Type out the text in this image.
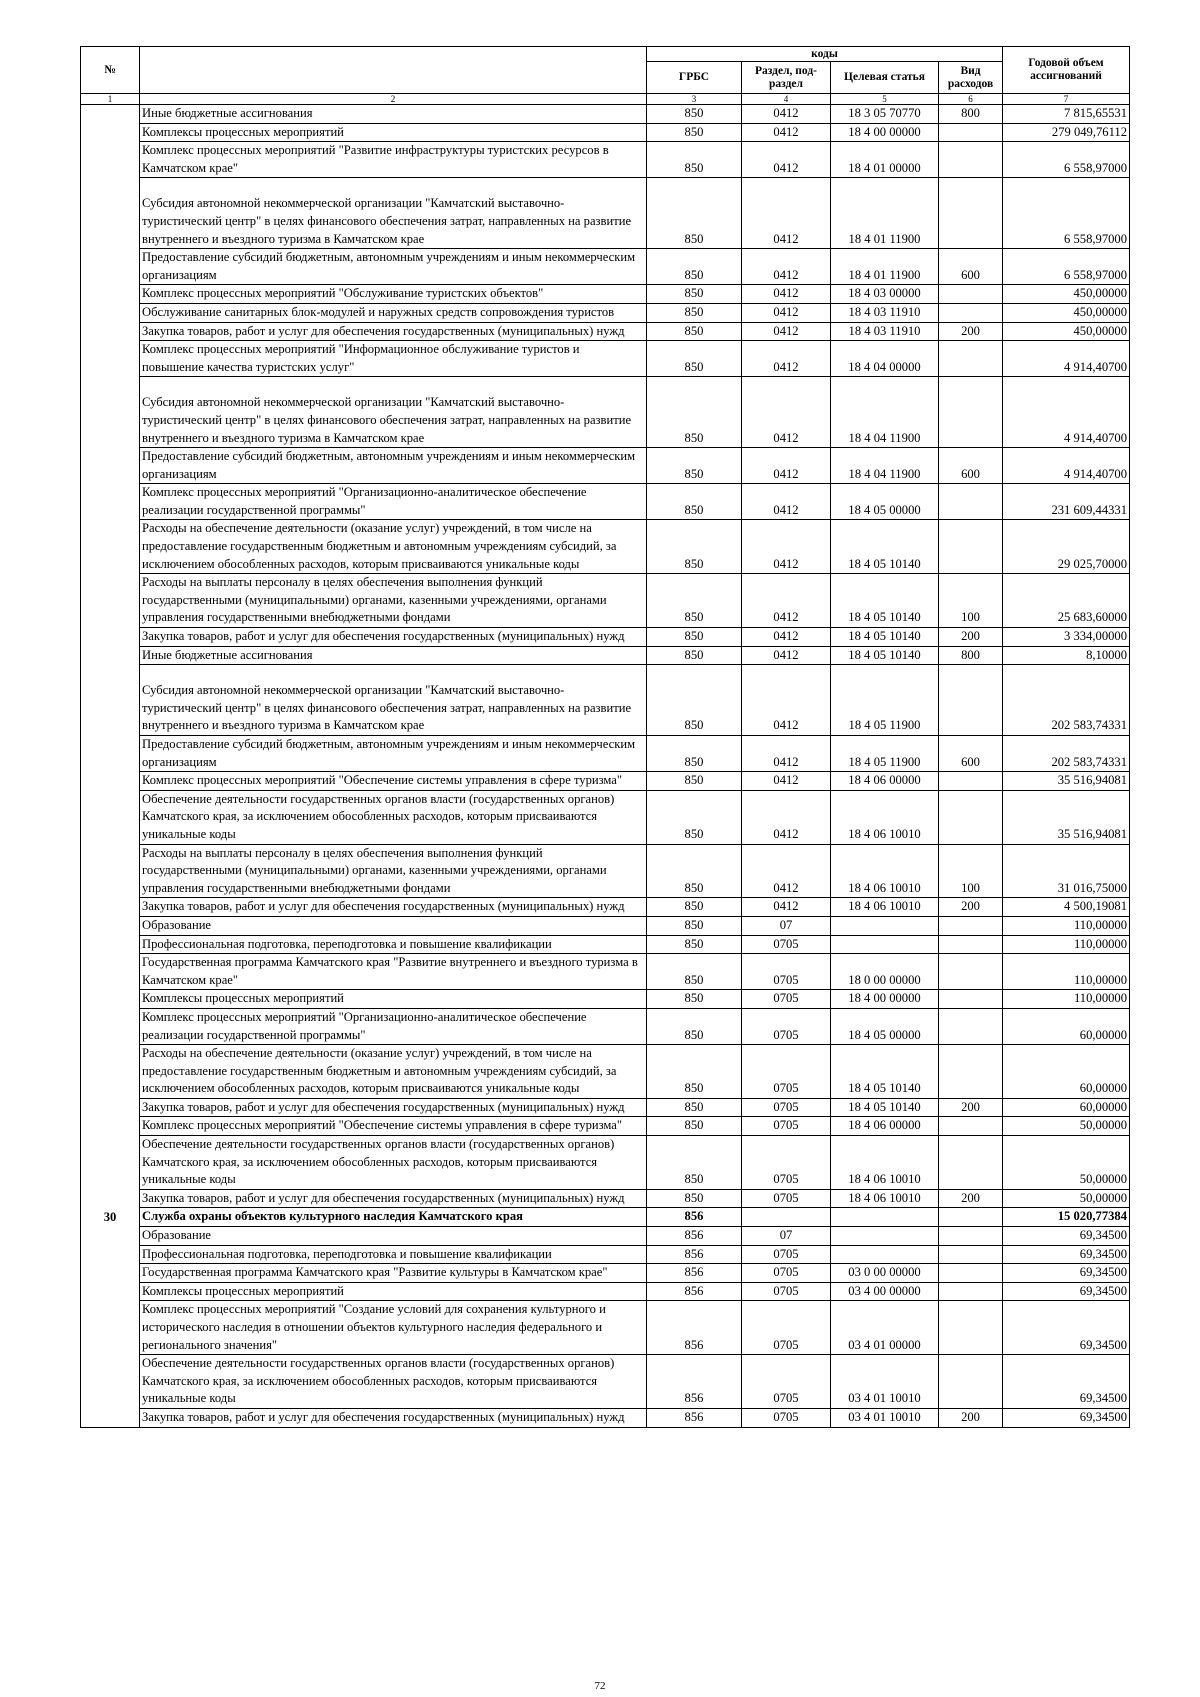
№		коды				Годовой объем ассигнований
		ГРБС	Раздел, под-раздел	Целевая статья	Вид расходов	
1	2	3	4	5	6	7
	Иные бюджетные ассигнования	850	0412	18 3 05 70770	800	7 815,65531
	Комплексы процессных мероприятий	850	0412	18 4 00 00000		279 049,76112
	Комплекс процессных мероприятий "Развитие инфраструктуры туристских ресурсов в Камчатском крае"	850	0412	18 4 01 00000		6 558,97000
	Субсидия автономной некоммерческой организации "Камчатский выставочно-туристический центр" в целях финансового обеспечения затрат, направленных на развитие внутреннего и въездного туризма в Камчатском крае	850	0412	18 4 01 11900		6 558,97000
	Предоставление субсидий бюджетным, автономным учреждениям и иным некоммерческим организациям	850	0412	18 4 01 11900	600	6 558,97000
	Комплекс процессных мероприятий "Обслуживание туристских объектов"	850	0412	18 4 03 00000		450,00000
	Обслуживание санитарных блок-модулей и наружных средств сопровождения туристов	850	0412	18 4 03 11910		450,00000
	Закупка товаров, работ и услуг для обеспечения государственных (муниципальных) нужд	850	0412	18 4 03 11910	200	450,00000
	Комплекс процессных мероприятий "Информационное обслуживание туристов и повышение качества туристских услуг"	850	0412	18 4 04 00000		4 914,40700
	Субсидия автономной некоммерческой организации "Камчатский выставочно-туристический центр" в целях финансового обеспечения затрат, направленных на развитие внутреннего и въездного туризма в Камчатском крае	850	0412	18 4 04 11900		4 914,40700
	Предоставление субсидий бюджетным, автономным учреждениям и иным некоммерческим организациям	850	0412	18 4 04 11900	600	4 914,40700
	Комплекс процессных мероприятий "Организационно-аналитическое обеспечение реализации государственной программы"	850	0412	18 4 05 00000		231 609,44331
	Расходы на обеспечение деятельности (оказание услуг) учреждений, в том числе на предоставление государственным бюджетным и автономным учреждениям субсидий, за исключением обособленных расходов, которым присваиваются уникальные коды	850	0412	18 4 05 10140		29 025,70000
	Расходы на выплаты персоналу в целях обеспечения выполнения функций государственными (муниципальными) органами, казенными учреждениями, органами управления государственными внебюджетными фондами	850	0412	18 4 05 10140	100	25 683,60000
	Закупка товаров, работ и услуг для обеспечения государственных (муниципальных) нужд	850	0412	18 4 05 10140	200	3 334,00000
	Иные бюджетные ассигнования	850	0412	18 4 05 10140	800	8,10000
	Субсидия автономной некоммерческой организации "Камчатский выставочно-туристический центр" в целях финансового обеспечения затрат, направленных на развитие внутреннего и въездного туризма в Камчатском крае	850	0412	18 4 05 11900		202 583,74331
	Предоставление субсидий бюджетным, автономным учреждениям и иным некоммерческим организациям	850	0412	18 4 05 11900	600	202 583,74331
	Комплекс процессных мероприятий "Обеспечение системы управления в сфере туризма"	850	0412	18 4 06 00000		35 516,94081
	Обеспечение деятельности государственных органов власти (государственных органов) Камчатского края, за исключением обособленных расходов, которым присваиваются уникальные коды	850	0412	18 4 06 10010		35 516,94081
	Расходы на выплаты персоналу в целях обеспечения выполнения функций государственными (муниципальными) органами, казенными учреждениями, органами управления государственными внебюджетными фондами	850	0412	18 4 06 10010	100	31 016,75000
	Закупка товаров, работ и услуг для обеспечения государственных (муниципальных) нужд	850	0412	18 4 06 10010	200	4 500,19081
	Образование	850	07			110,00000
	Профессиональная подготовка, переподготовка и повышение квалификации	850	0705			110,00000
	Государственная программа Камчатского края "Развитие внутреннего и въездного туризма в Камчатском крае"	850	0705	18 0 00 00000		110,00000
	Комплексы процессных мероприятий	850	0705	18 4 00 00000		110,00000
	Комплекс процессных мероприятий "Организационно-аналитическое обеспечение реализации государственной программы"	850	0705	18 4 05 00000		60,00000
	Расходы на обеспечение деятельности (оказание услуг) учреждений, в том числе на предоставление государственным бюджетным и автономным учреждениям субсидий, за исключением обособленных расходов, которым присваиваются уникальные коды	850	0705	18 4 05 10140		60,00000
	Закупка товаров, работ и услуг для обеспечения государственных (муниципальных) нужд	850	0705	18 4 05 10140	200	60,00000
	Комплекс процессных мероприятий "Обеспечение системы управления в сфере туризма"	850	0705	18 4 06 00000		50,00000
	Обеспечение деятельности государственных органов власти (государственных органов) Камчатского края, за исключением обособленных расходов, которым присваиваются уникальные коды	850	0705	18 4 06 10010		50,00000
	Закупка товаров, работ и услуг для обеспечения государственных (муниципальных) нужд	850	0705	18 4 06 10010	200	50,00000
30	Служба охраны объектов культурного наследия Камчатского края	856				15 020,77384
	Образование	856	07			69,34500
	Профессиональная подготовка, переподготовка и повышение квалификации	856	0705			69,34500
	Государственная программа Камчатского края "Развитие культуры в Камчатском крае"	856	0705	03 0 00 00000		69,34500
	Комплексы процессных мероприятий	856	0705	03 4 00 00000		69,34500
	Комплекс процессных мероприятий "Создание условий для сохранения культурного и исторического наследия в отношении объектов культурного наследия федерального и регионального значения"	856	0705	03 4 01 00000		69,34500
	Обеспечение деятельности государственных органов власти (государственных органов) Камчатского края, за исключением обособленных расходов, которым присваиваются уникальные коды	856	0705	03 4 01 10010		69,34500
	Закупка товаров, работ и услуг для обеспечения государственных (муниципальных) нужд	856	0705	03 4 01 10010	200	69,34500
72
